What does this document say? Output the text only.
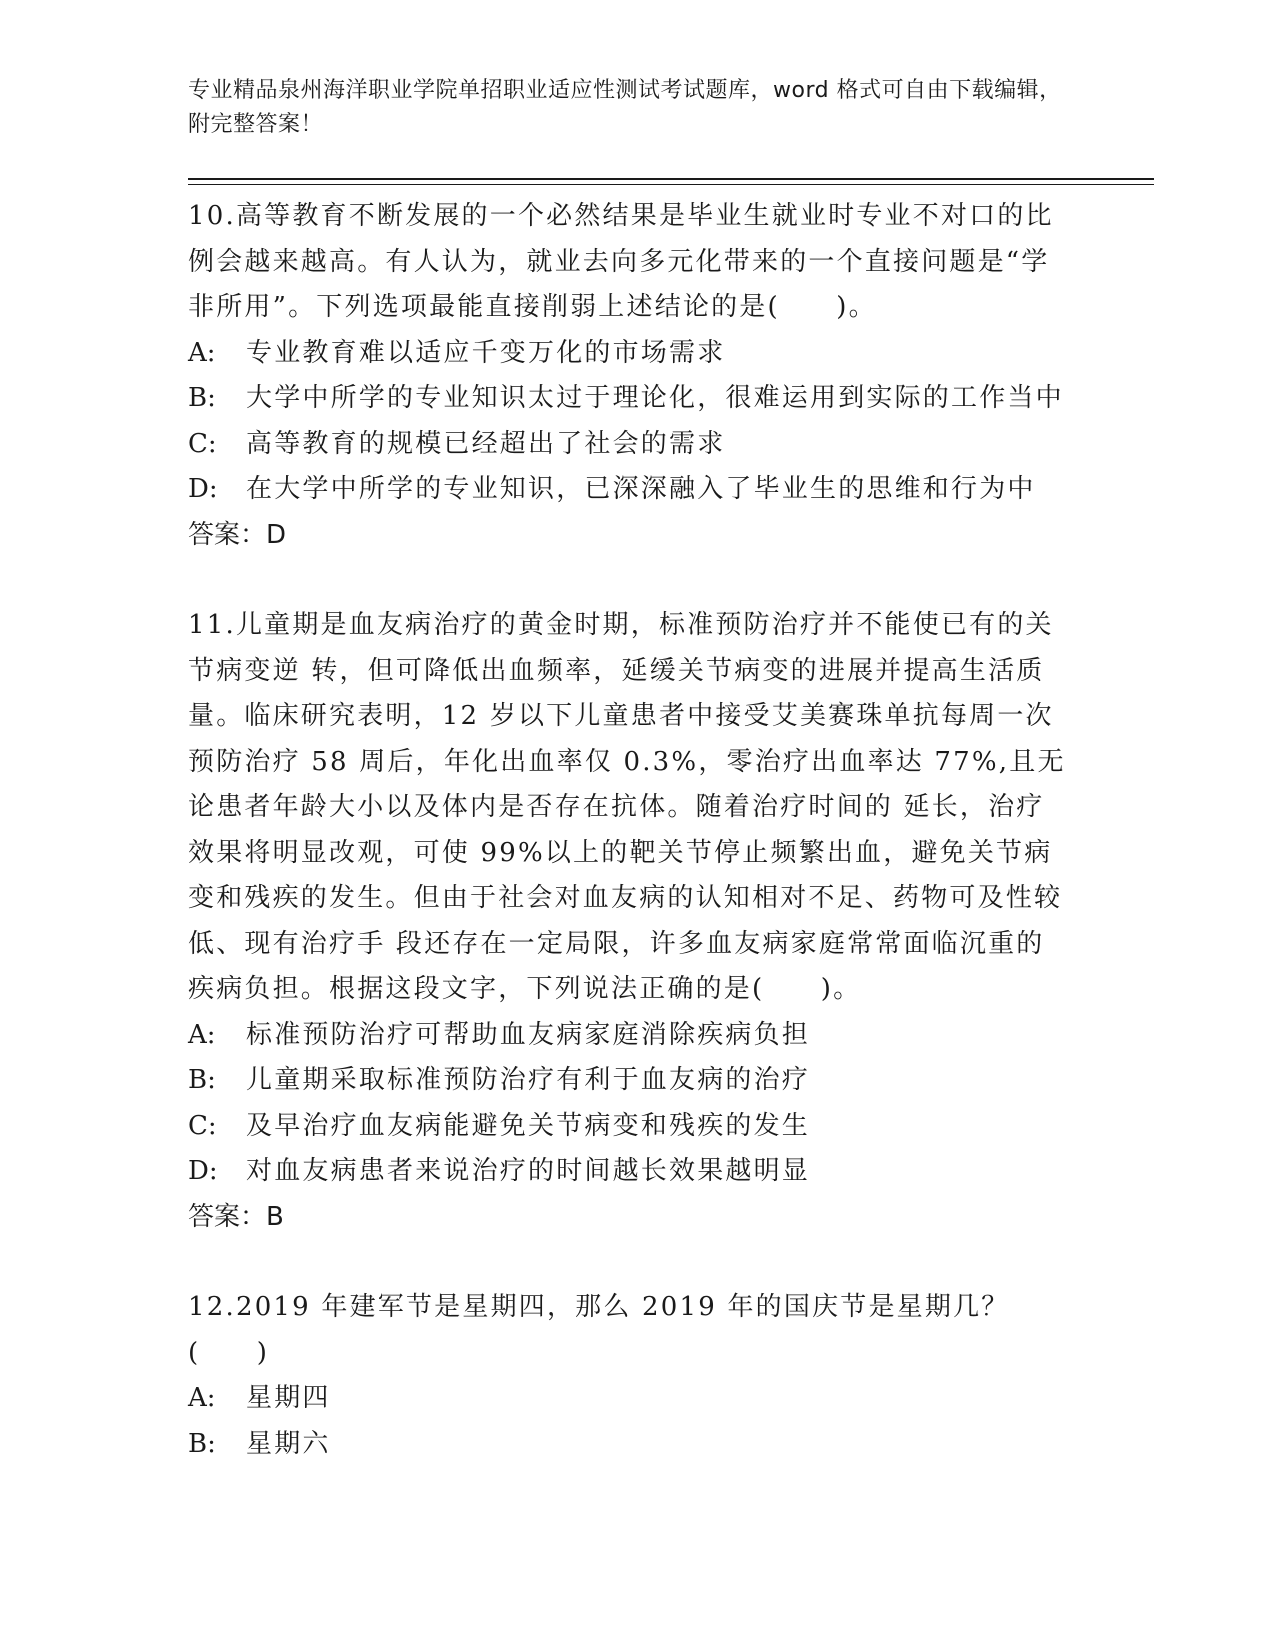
专业精品泉州海洋职业学院单招职业适应性测试考试题库，word 格式可自由下载编辑，附完整答案！

10.高等教育不断发展的一个必然结果是毕业生就业时专业不对口的比例会越来越高。有人认为，就业去向多元化带来的一个直接问题是“学非所用”。下列选项最能直接削弱上述结论的是(　　)。

A:	专业教育难以适应千变万化的市场需求
B:	大学中所学的专业知识太过于理论化，很难运用到实际的工作当中
C:	高等教育的规模已经超出了社会的需求
D:	在大学中所学的专业知识，已深深融入了毕业生的思维和行为中
答案：D

11.儿童期是血友病治疗的黄金时期，标准预防治疗并不能使已有的关节病变逆 转，但可降低出血频率，延缓关节病变的进展并提高生活质量。临床研究表明，12 岁以下儿童患者中接受艾美赛珠单抗每周一次预防治疗 58 周后，年化出血率仅 0.3%，零治疗出血率达 77%,且无论患者年龄大小以及体内是否存在抗体。随着治疗时间的 延长，治疗效果将明显改观，可使 99%以上的靶关节停止频繁出血，避免关节病变和残疾的发生。但由于社会对血友病的认知相对不足、药物可及性较低、现有治疗手 段还存在一定局限，许多血友病家庭常常面临沉重的疾病负担。根据这段文字，下列说法正确的是(　　)。

A:	标准预防治疗可帮助血友病家庭消除疾病负担
B:	儿童期采取标准预防治疗有利于血友病的治疗
C:	及早治疗血友病能避免关节病变和残疾的发生
D:	对血友病患者来说治疗的时间越长效果越明显
答案：B

12.2019 年建军节是星期四，那么 2019 年的国庆节是星期几？(　　)

A:	星期四
B:	星期六
